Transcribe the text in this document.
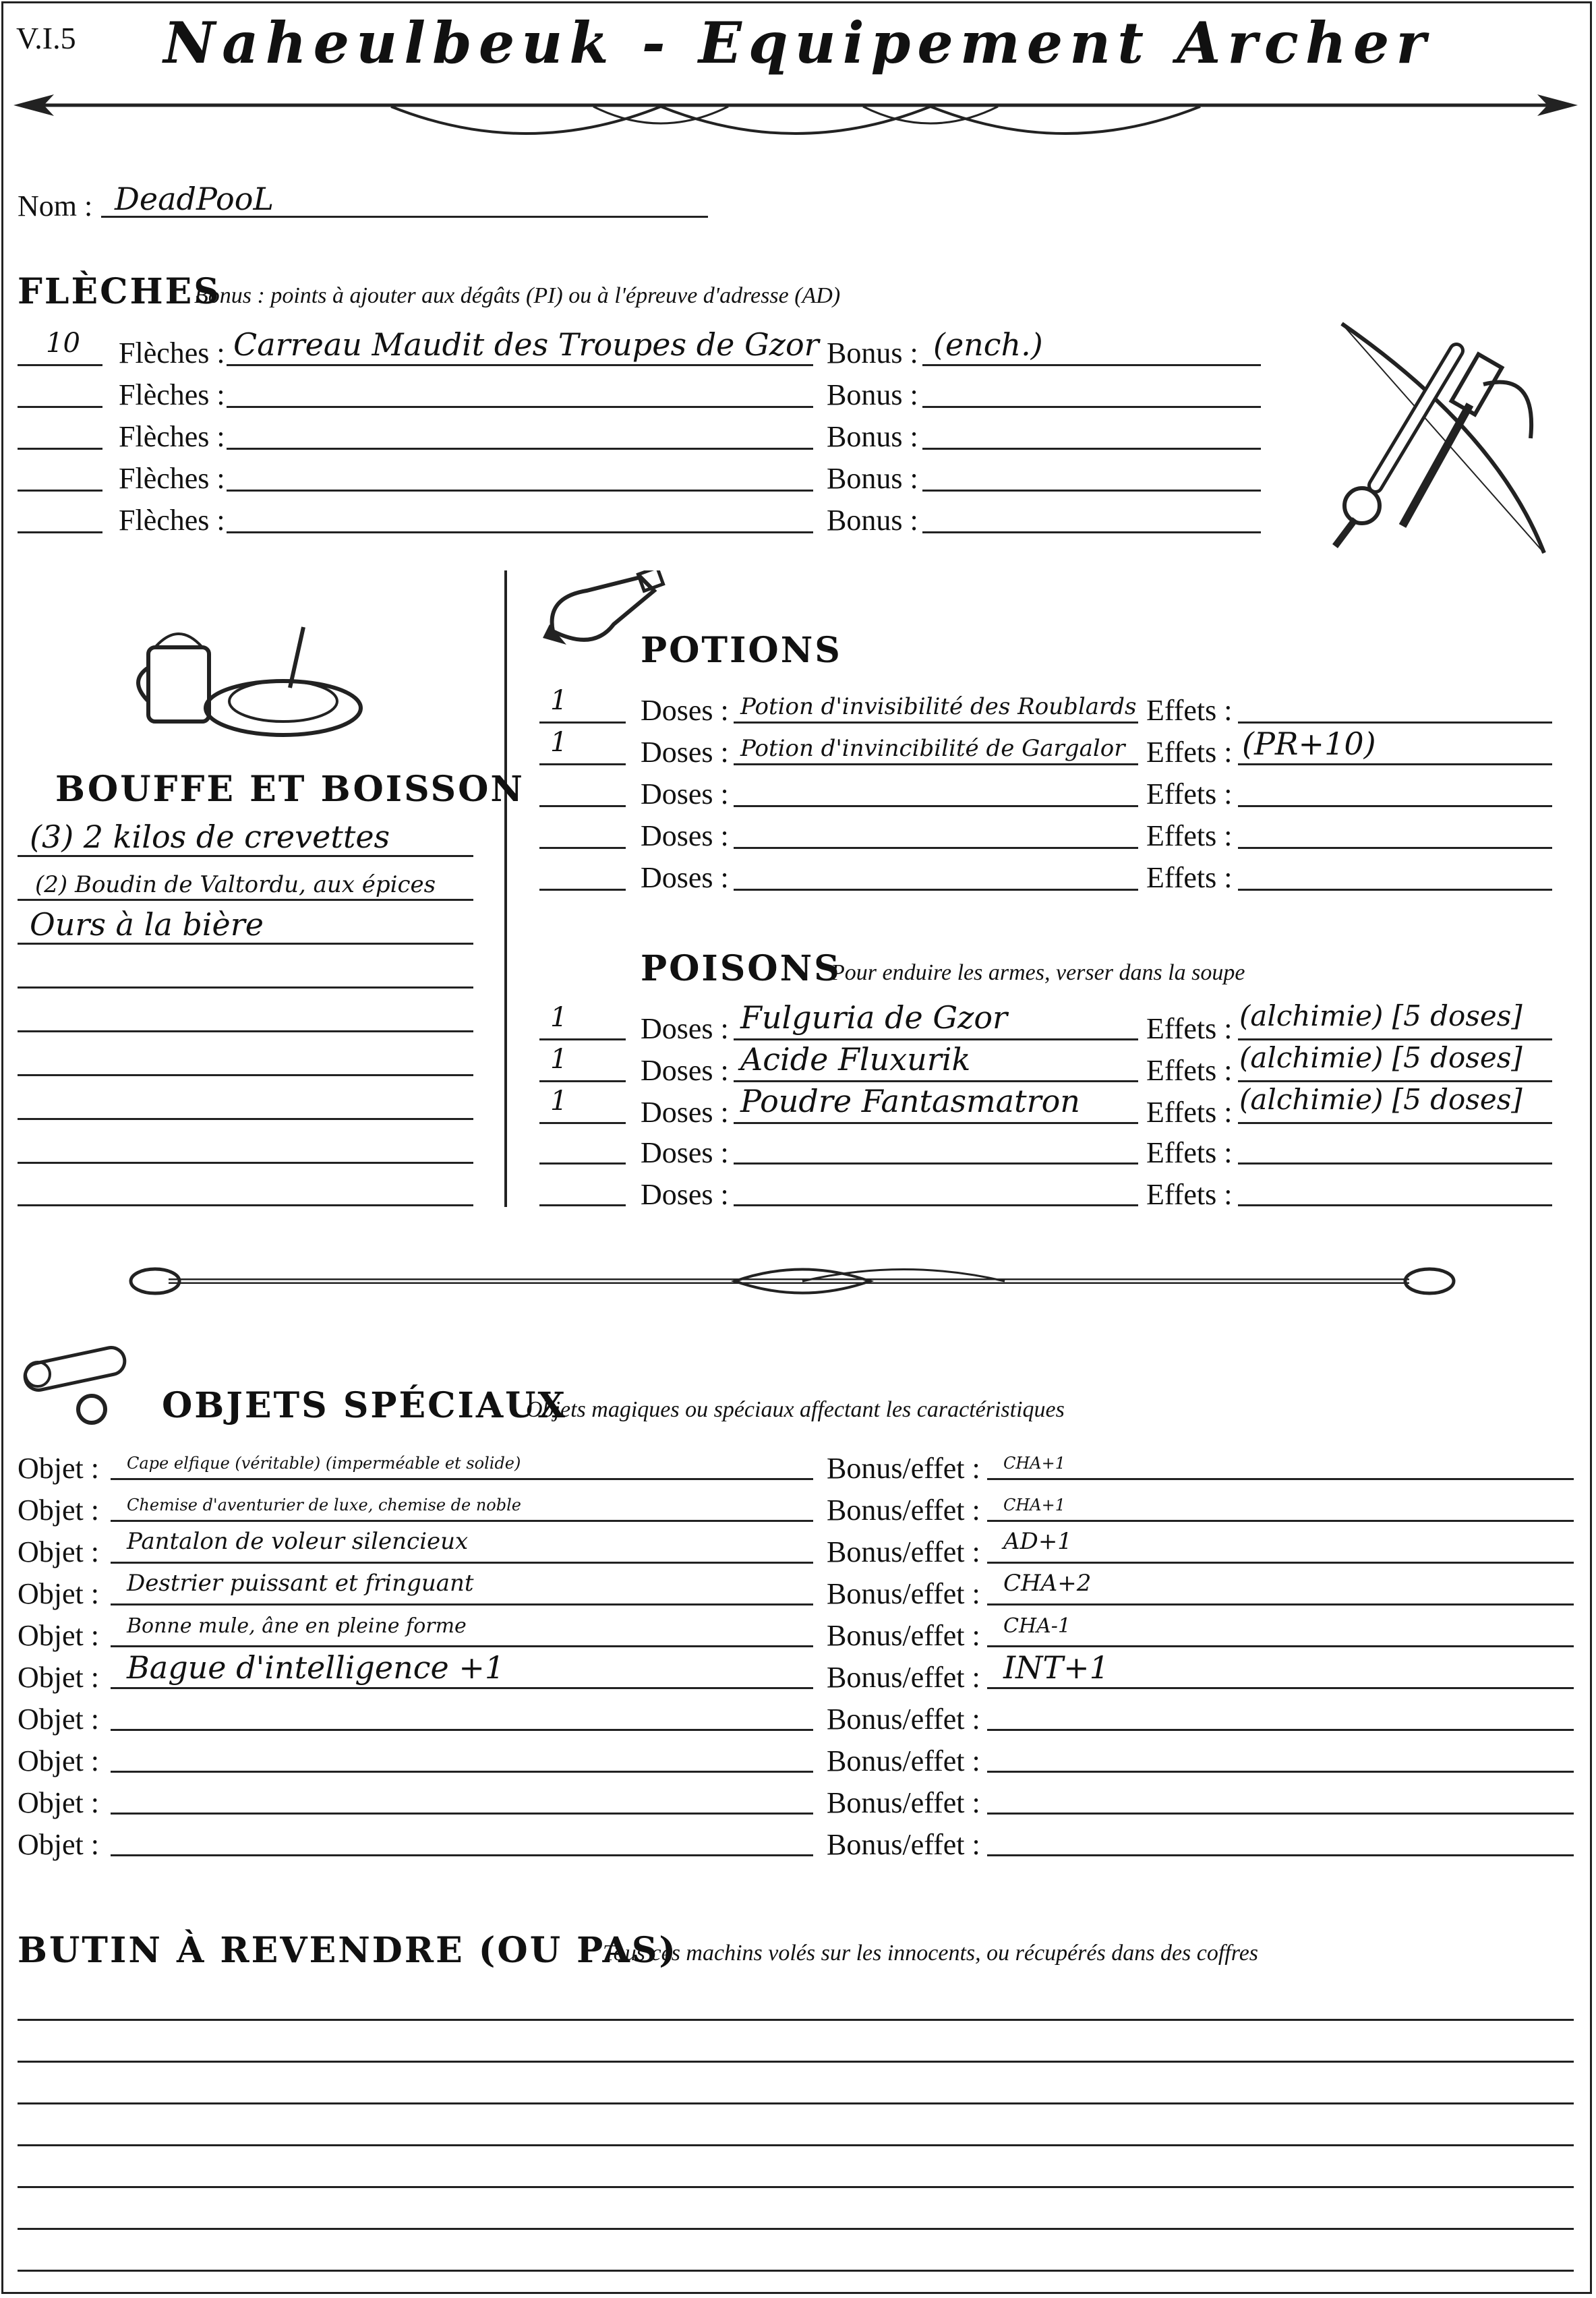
V.I.5	Naheulbeuk - Equipement Archer
Nom : DeadPooL
FLÈCHES
Bonus : points à ajouter aux dégâts (PI) ou à l'épreuve d'adresse (AD)
10 Flèches : Carreau Maudit des Troupes de Gzor Bonus : (ench.)
Flèches :	Bonus :
Flèches :	Bonus :
Flèches :	Bonus :
Flèches :	Bonus :
BOUFFE ET BOISSON
(3) 2 kilos de crevettes
(2) Boudin de Valtordu, aux épices
Ours à la bière
POTIONS
1 Doses : Potion d'invisibilité des Roublards Effets :
1 Doses : Potion d'invincibilité de Gargalor Effets : (PR+10)
Doses :	Effets :
Doses :	Effets :
Doses :	Effets :
POISONS
Pour enduire les armes, verser dans la soupe
1 Doses : Fulguria de Gzor	Effets : (alchimie) [5 doses]
1 Doses : Acide Fluxurik	Effets : (alchimie) [5 doses]
1 Doses : Poudre Fantasmatron Effets : (alchimie) [5 doses]
Doses :	Effets :
Doses :	Effets :
OBJETS SPÉCIAUX
Objets magiques ou spéciaux affectant les caractéristiques
Objet : Cape elfique (véritable) (imperméable et solide)	Bonus/effet : CHA+1
Objet : Chemise d'aventurier de luxe, chemise de noble	Bonus/effet : CHA+1
Objet : Pantalon de voleur silencieux	Bonus/effet : AD+1
Objet : Destrier puissant et fringuant	Bonus/effet : CHA+2
Objet : Bonne mule, âne en pleine forme	Bonus/effet : CHA-1
Objet : Bague d'intelligence +1	Bonus/effet : INT+1
Objet :	Bonus/effet :
Objet :	Bonus/effet :
Objet :	Bonus/effet :
Objet :	Bonus/effet :
BUTIN À REVENDRE (OU PAS)
Tous ces machins volés sur les innocents, ou récupérés dans des coffres
